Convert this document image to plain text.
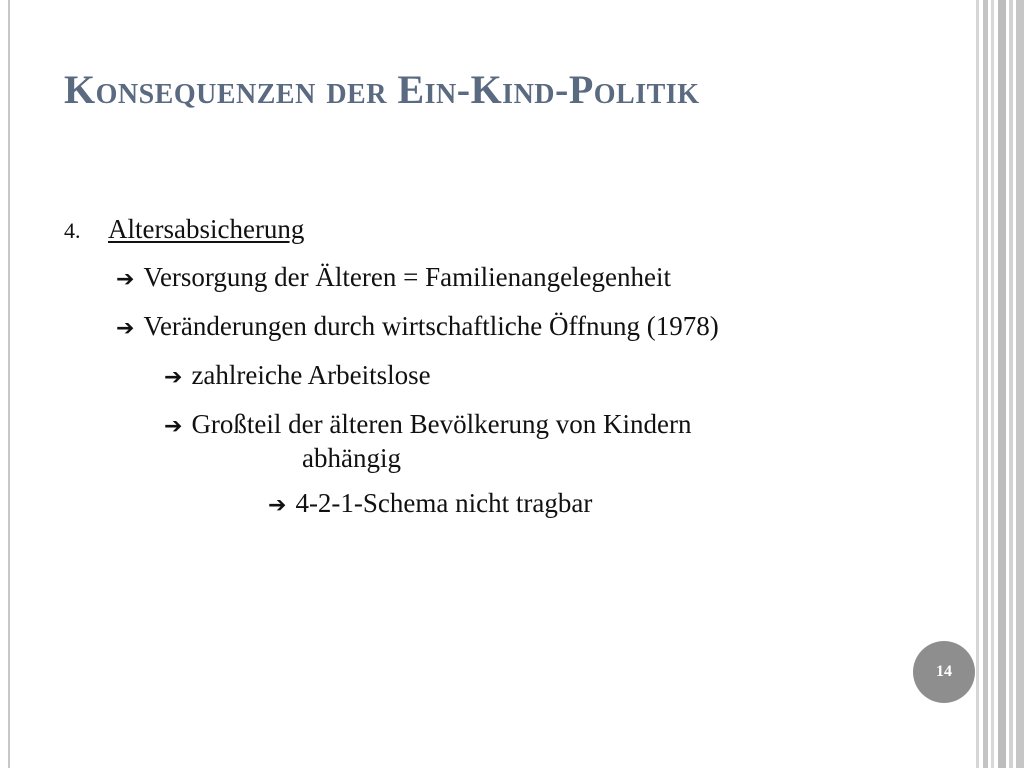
Konsequenzen der Ein-Kind-Politik
4.	Altersabsicherung
➔ Versorgung der Älteren = Familienangelegenheit
➔ Veränderungen durch wirtschaftliche Öffnung (1978)
➔ zahlreiche Arbeitslose
➔ Großteil der älteren Bevölkerung von Kindern
abhängig
➔ 4-2-1-Schema nicht tragbar
14
